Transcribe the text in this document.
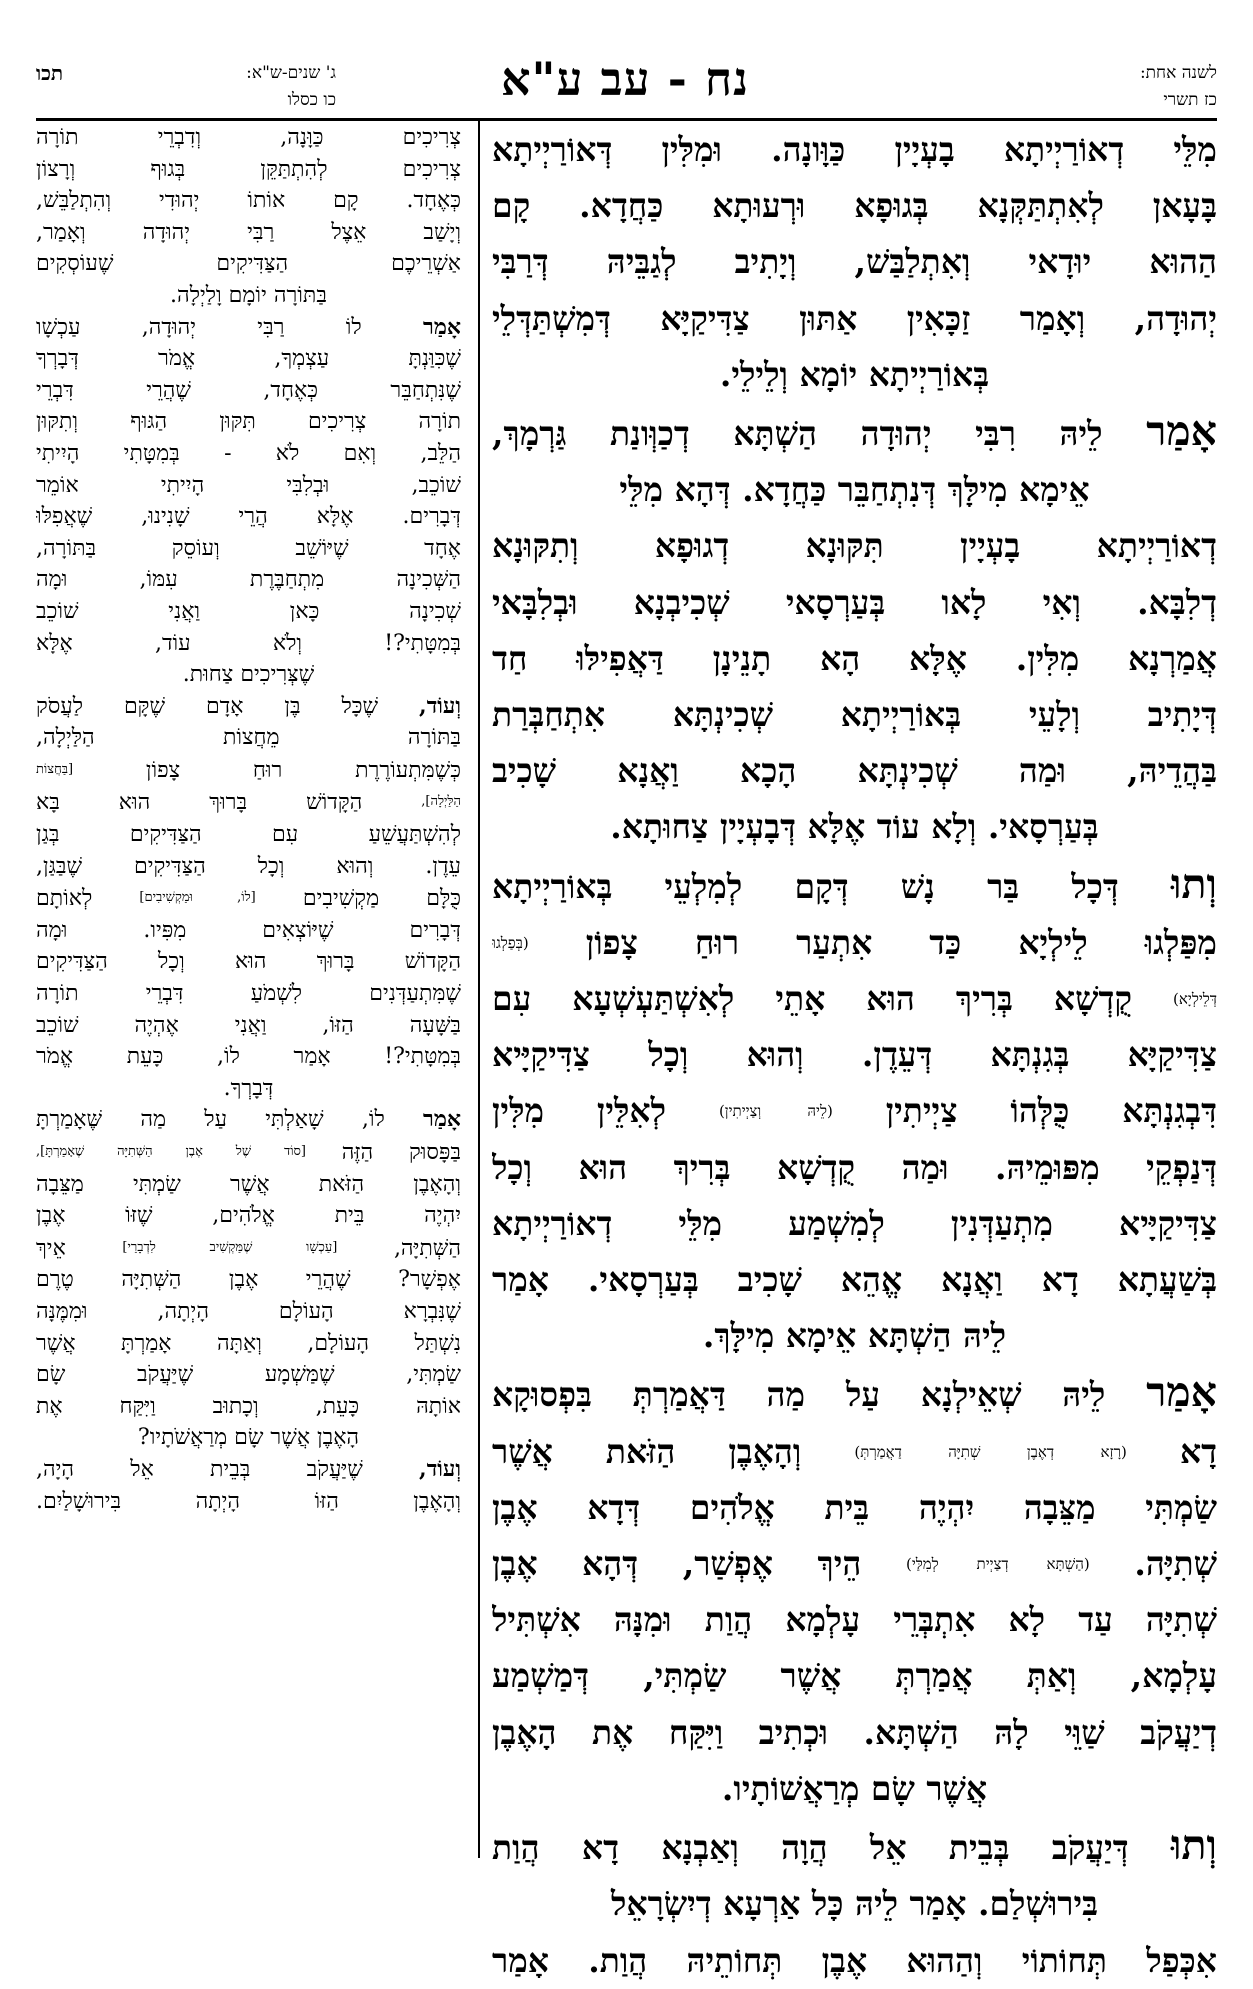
לשנה אחת:
כז תשרי
נח - עב ע"א
ג' שנים-ש"א:
תכו
כו כסלו
מִלֵּי דְאוֹרַיְיתָא בָעְיָין כַּוָּונָה. וּמִלִּין דְּאוֹרַיְיתָא
בָּעָאן לְאִתְתַּקְּנָא בְּגוּפָא וּרְעוּתָא כַּחֲדָא. קָם
הַהוּא יוּדָאי וְאִתְלַבַּשׁ, וְיָתִיב לְגַבֵּיהּ דְּרַבִּי
יְהוּדָה, וְאָמַר זַכָּאִין אַתּוּן צַדִּיקַיָּא דְּמִשְׁתַּדְּלֵי
בְּאוֹרַיְיתָא יוֹמָא וְלֵילֵי.
אָמַר לֵיהּ רִבִּי יְהוּדָה הַשְׁתָּא דְכַוְּונַת גַּרְמָךְ,
אֵימָא מִילָּךְ דְּנִתְחַבֵּר כַּחֲדָא. דְּהָא מִלֵּי
דְאוֹרַיְיתָא בָעְיָין תִּקּוּנָא דְגוּפָא וְתִקּוּנָא
דְלִבָּא. וְאִי לָאו בְּעַרְסָאי שְׁכִיבְנָא וּבְלִבָּאי
אֲמַרְנָא מִלִּין. אֶלָּא הָא תָנֵינָן דַּאֲפִילּוּ חַד
דְּיָתִיב וְלָעֵי בְּאוֹרַיְיתָא שְׁכִינְתָּא אִתְחַבְּרַת
בַּהֲדֵיהּ, וּמַה שְׁכִינְתָּא הָכָא וַאֲנָא שָׁכִיב
בְּעַרְסָאי. וְלָא עוֹד אֶלָּא דְּבָעְיָין צַחוּתָא.
וְתוּ דְּכָל בַּר נָשׁ דְּקָם לְמִלְעֵי בְּאוֹרַיְיתָא
מִפַּלְגוּ לֵילְיָא כַּד אִתְעַר רוּחַ צָפוֹן (בְּפַלְגוּ
דְּלֵילְיָא) קֻדְשָׁא בְּרִיךְ הוּא אָתֵי לְאִשְׁתַּעְשְׁעָא עִם
צַדִּיקַיָּא בְּגִנְתָּא דְּעֵדֶן. וְהוּא וְכָל צַדִּיקַיָּיא
דִּבְגִנְתָּא כֻּלְּהוֹ צַיְיתִין (לֵיהּ וְצַיְיתִין) לְאִלֵּין מִלִּין
דְּנַפְקֵי מִפּוּמֵיהּ. וּמַה קֻדְשָׁא בְּרִיךְ הוּא וְכָל
צַדִּיקַיָּיא מִתְעַדְּנִין לְמִשְׁמַע מִלֵּי דְאוֹרַיְיתָא
בְּשַׁעֲתָא דָא וַאֲנָא אֱהֵא שָׁכִיב בְּעַרְסָאי. אָמַר
לֵיהּ הַשְׁתָּא אֵימָא מִילָּךְ.
אָמַר לֵיהּ שְׁאֵילְנָא עַל מַה דַּאֲמַרְתְּ בִּפְסוּקָא
דָא (רָזָא דְאֶבֶן שְׁתִיָּה דַאֲמַרְתְּ) וְהָאֶבֶן הַזֹּאת אֲשֶׁר
שַׂמְתִּי מַצֵּבָה יִהְיֶה בֵּית אֱלֹהִים דְּדָא אֶבֶן
שְׁתִיָּה. (הַשְׁתָּא דְצַיְית לְמִלַּי) הֵיךְ אֶפְשַׁר, דְּהָא אֶבֶן
שְׁתִיָּה עַד לָא אִתְבְּרֵי עָלְמָא הֲוַת וּמִנָּהּ אִשְׁתִּיל
עָלְמָא, וְאַתְּ אֲמַרְתְּ אֲשֶׁר שַׂמְתִּי, דְּמַשְׁמַע
דְיַעֲקֹב שַׁוֵּי לָהּ הַשְׁתָּא. וּכְתִיב וַיִּקַּח אֶת הָאֶבֶן
אֲשֶׁר שָׂם מְרַאֲשׁוֹתָיו.
וְתוּ דְּיַעֲקֹב בְּבֵית אֵל הֲוָה וְאַבְנָא דָא הֲוַת
בִּירוּשְׁלַם. אָמַר לֵיהּ כָּל אַרְעָא דְיִשְׂרָאֵל
אִכְּפַל תְּחוֹתוֹי וְהַהוּא אֶבֶן תְּחוֹתֵיהּ הֲוַת. אָמַר
צְרִיכִים כַּוָּנָה, וְדִבְרֵי תוֹרָה
צְרִיכִים לְהִתְתַּקֵּן בְּגוּף וְרָצוֹן
כְּאֶחָד. קָם אוֹתוֹ יְהוּדִי וְהִתְלַבֵּשׁ,
וְיָשַׁב אֵצֶל רַבִּי יְהוּדָה וְאָמַר,
אַשְׁרֵיכֶם הַצַּדִּיקִים שֶׁעוֹסְקִים
בַּתּוֹרָה יוֹמָם וָלַיְלָה.
אָמַר לוֹ רַבִּי יְהוּדָה, עַכְשָׁו
שֶׁכִּוַּנְתָּ עַצְמְךָ, אֱמֹר דְּבָרְךָ
שֶׁנִּתְחַבֵּר כְּאֶחָד, שֶׁהֲרֵי דִּבְרֵי
תוֹרָה צְרִיכִים תִּקּוּן הַגּוּף וְתִקּוּן
הַלֵּב, וְאִם לֹא - בְּמִטָּתִי הָיִיתִי
שׁוֹכֵב, וּבְלִבִּי הָיִיתִי אוֹמֵר
דְּבָרִים. אֶלָּא הֲרֵי שָׁנִינוּ, שֶׁאֲפִלּוּ
אֶחָד שֶׁיּוֹשֵׁב וְעוֹסֵק בַּתּוֹרָה,
הַשְּׁכִינָה מִתְחַבֶּרֶת עִמּוֹ, וּמָה
שְׁכִינָה כָּאן וַאֲנִי שׁוֹכֵב
בְּמִטָּתִי?! וְלֹא עוֹד, אֶלָּא
שֶׁצְּרִיכִים צַחוּת.
וְעוֹד, שֶׁכָּל בֶּן אָדָם שֶׁקָּם לַעֲסֹק
בַּתּוֹרָה מֵחֲצוֹת הַלַּיְלָה,
כְּשֶׁמִּתְעוֹרֶרֶת רוּחַ צָפוֹן [בַּחֲצוֹת
הַלַּיְלָה], הַקָּדוֹשׁ בָּרוּךְ הוּא בָּא
לְהִשְׁתַּעֲשֵׁעַ עִם הַצַּדִּיקִים בְּגַן
עֵדֶן. וְהוּא וְכָל הַצַּדִּיקִים שֶׁבַּגַּן,
כֻּלָּם מַקְשִׁיבִים [לוֹ, וּמַקְשִׁיבִים] לְאוֹתָם
דְּבָרִים שֶׁיּוֹצְאִים מִפִּיו. וּמָה
הַקָּדוֹשׁ בָּרוּךְ הוּא וְכָל הַצַּדִּיקִים
שֶׁמִּתְעַדְּנִים לִשְׁמֹעַ דִּבְרֵי תוֹרָה
בַּשָּׁעָה הַזּוֹ, וַאֲנִי אֶהְיֶה שׁוֹכֵב
בְּמִטָּתִי?! אָמַר לוֹ, כָּעֵת אֱמֹר
דְּבָרְךָ.
אָמַר לוֹ, שָׁאַלְתִּי עַל מַה שֶּׁאָמַרְתָּ
בַּפָּסוּק הַזֶּה [סוֹד שֶׁל אֶבֶן הַשְּׁתִיָּה שֶׁאָמַרְתָּ],
וְהָאֶבֶן הַזֹּאת אֲשֶׁר שַׂמְתִּי מַצֵּבָה
יִהְיֶה בֵּית אֱלֹהִים, שֶׁזּוֹ אֶבֶן
הַשְּׁתִיָּה, [עַכְשָׁו שֶׁמַּקְשִׁיב לִדְבָרַי] אֵיךְ
אֶפְשָׁר? שֶׁהֲרֵי אֶבֶן הַשְּׁתִיָּה טֶרֶם
שֶׁנִּבְרָא הָעוֹלָם הָיְתָה, וּמִמֶּנָּה
נִשְׁתַּל הָעוֹלָם, וְאַתָּה אָמַרְתָּ אֲשֶׁר
שַׂמְתִּי, שֶׁמַּשְׁמָע שֶׁיַּעֲקֹב שָׂם
אוֹתָהּ כָּעֵת, וְכָתוּב וַיִּקַּח אֶת
הָאֶבֶן אֲשֶׁר שָׂם מְרַאֲשֹׁתָיו?
וְעוֹד, שֶׁיַּעֲקֹב בְּבֵית אֵל הָיָה,
וְהָאֶבֶן הַזּוֹ הָיְתָה בִּירוּשָׁלַיִם.
